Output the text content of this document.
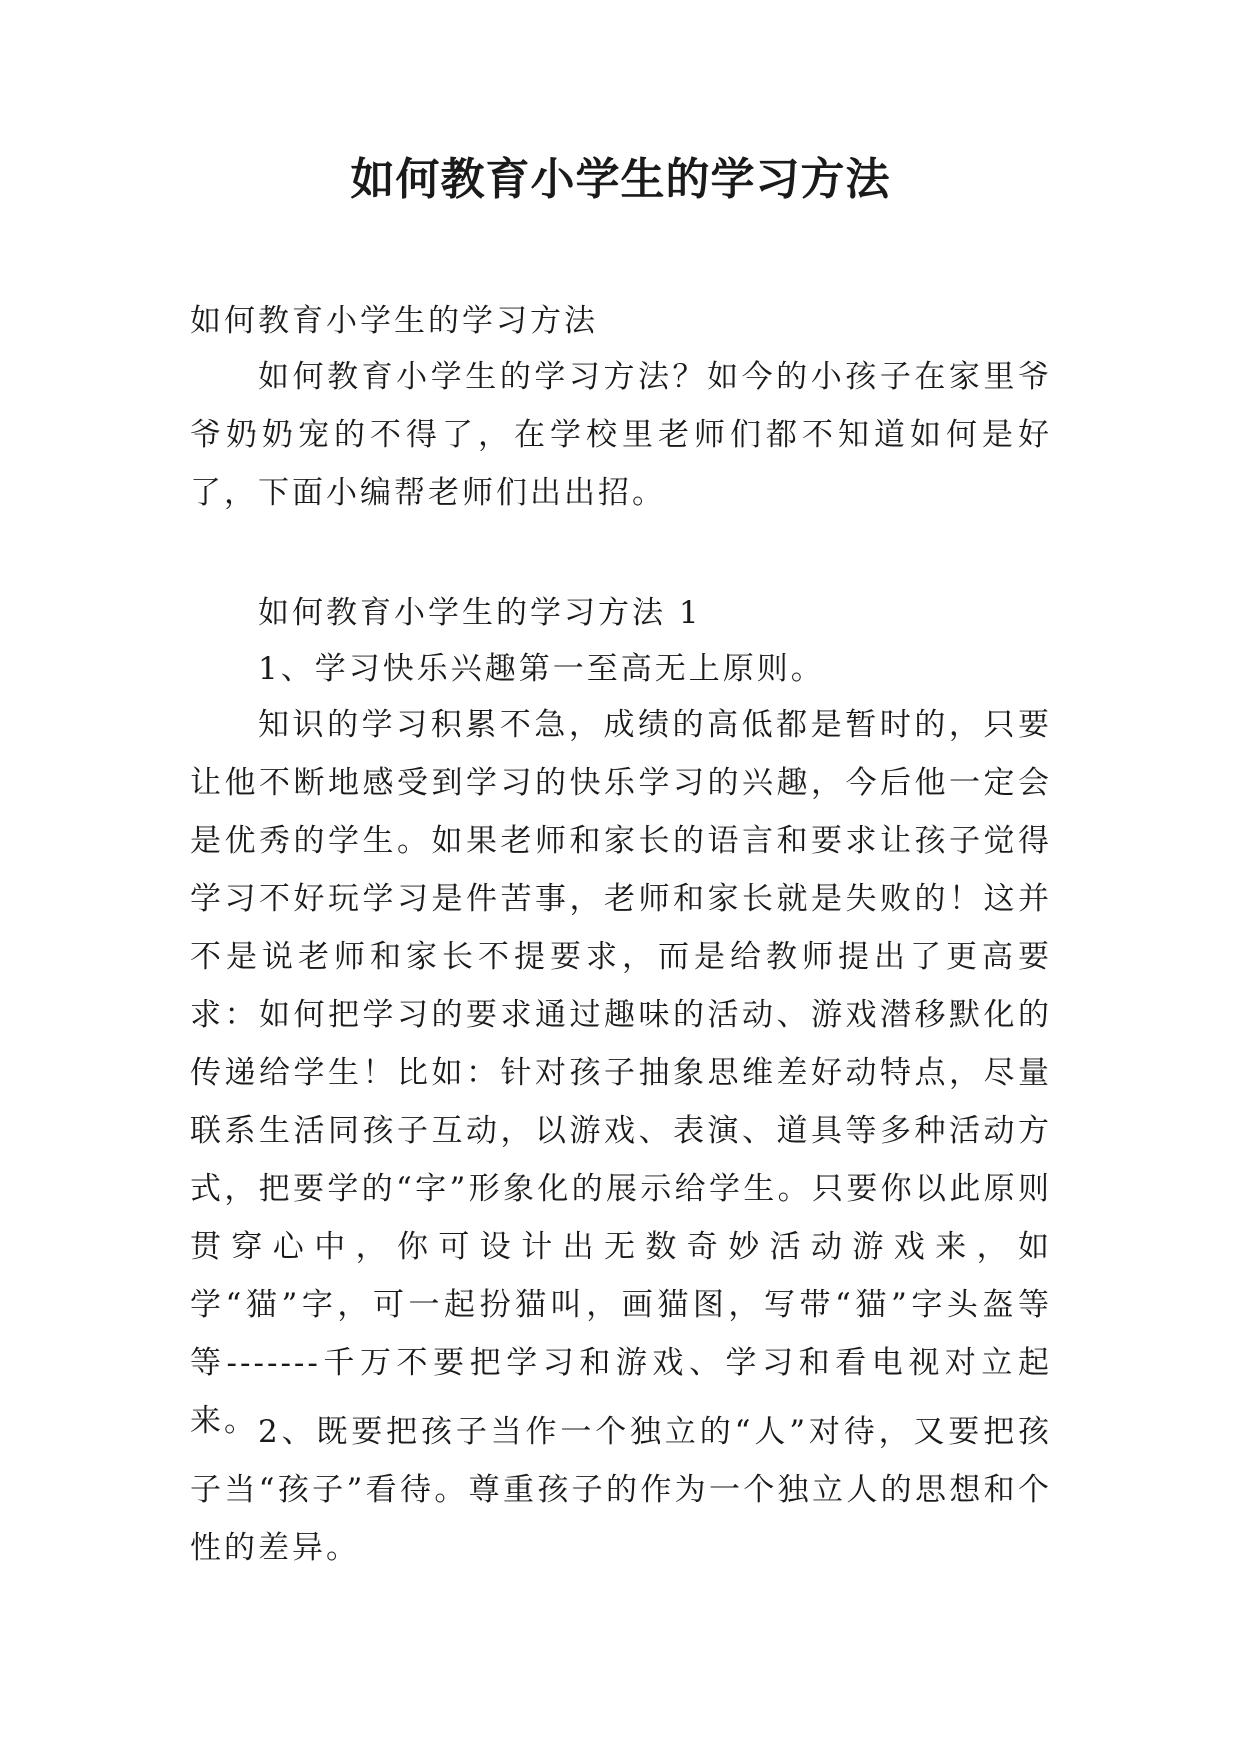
如何教育小学生的学习方法

如何教育小学生的学习方法

如何教育小学生的学习方法？如今的小孩子在家里爷爷奶奶宠的不得了，在学校里老师们都不知道如何是好了，下面小编帮老师们出出招。

如何教育小学生的学习方法 1

1、学习快乐兴趣第一至高无上原则。

知识的学习积累不急，成绩的高低都是暂时的，只要让他不断地感受到学习的快乐学习的兴趣，今后他一定会是优秀的学生。如果老师和家长的语言和要求让孩子觉得学习不好玩学习是件苦事，老师和家长就是失败的！这并不是说老师和家长不提要求，而是给教师提出了更高要求：如何把学习的要求通过趣味的活动、游戏潜移默化的传递给学生！比如：针对孩子抽象思维差好动特点，尽量联系生活同孩子互动，以游戏、表演、道具等多种活动方式，把要学的“字”形象化的展示给学生。只要你以此原则贯穿心中，你可设计出无数奇妙活动游戏来，如学“猫”字，可一起扮猫叫，画猫图，写带“猫”字头盔等等-------千万不要把学习和游戏、学习和看电视对立起来。 2、既要把孩子当作一个独立的“人”对待，又要把孩子当“孩子”看待。尊重孩子的作为一个独立人的思想和个性的差异。
